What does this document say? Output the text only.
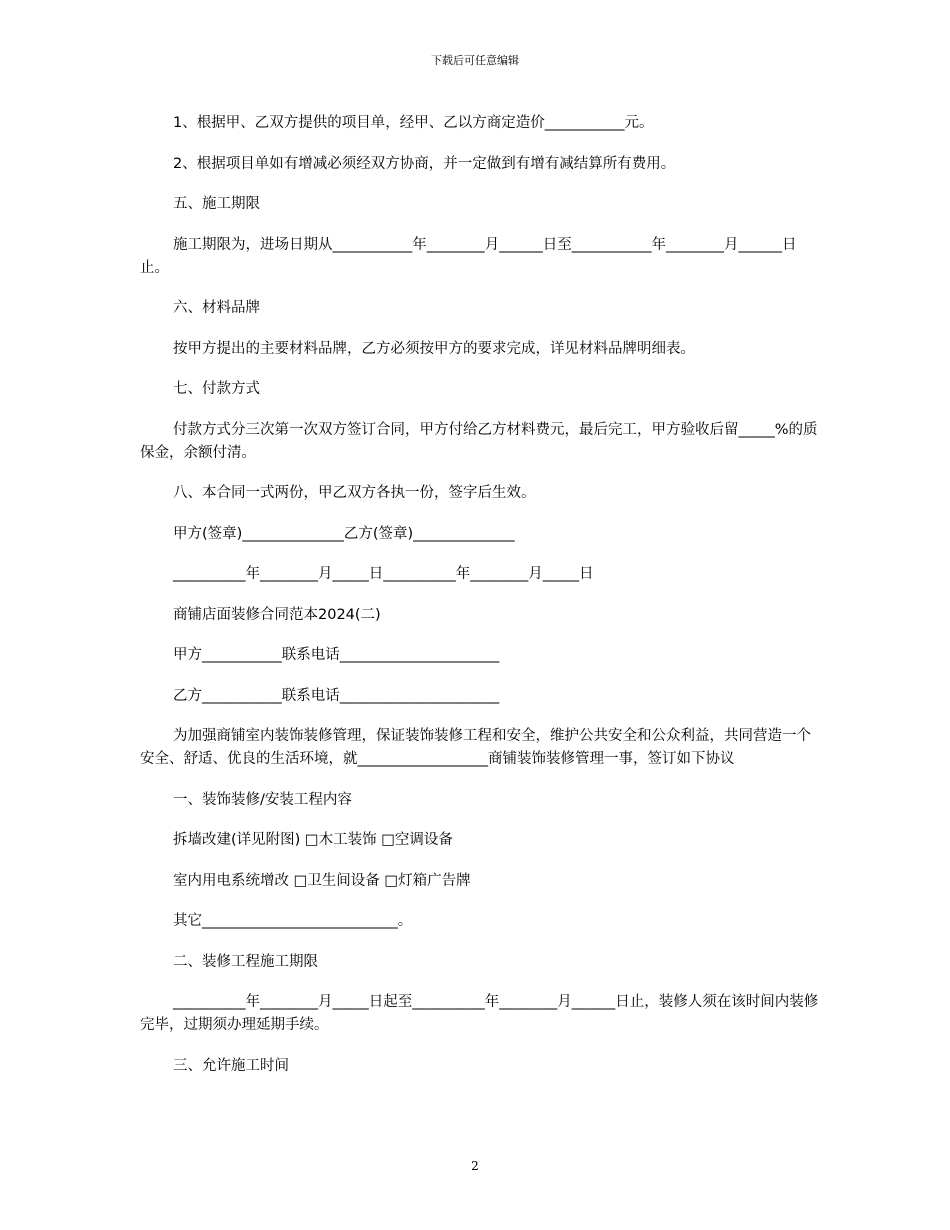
下载后可任意编辑

1、根据甲、乙双方提供的项目单，经甲、乙以方商定造价___________元。

2、根据项目单如有增减必须经双方协商，并一定做到有增有减结算所有费用。

五、施工期限

施工期限为，进场日期从___________年________月______日至___________年________月______日止。

六、材料品牌

按甲方提出的主要材料品牌，乙方必须按甲方的要求完成，详见材料品牌明细表。

七、付款方式

付款方式分三次第一次双方签订合同，甲方付给乙方材料费元，最后完工，甲方验收后留_____%的质保金，余额付清。

八、本合同一式两份，甲乙双方各执一份，签字后生效。

甲方(签章)______________乙方(签章)______________

__________年________月_____日__________年________月_____日

商铺店面装修合同范本2024(二)

甲方___________联系电话______________________

乙方___________联系电话______________________

为加强商铺室内装饰装修管理，保证装饰装修工程和安全，维护公共安全和公众利益，共同营造一个安全、舒适、优良的生活环境，就__________________商铺装饰装修管理一事，签订如下协议

一、装饰装修/安装工程内容

拆墙改建(详见附图) □木工装饰 □空调设备

室内用电系统增改 □卫生间设备 □灯箱广告牌

其它___________________________。

二、装修工程施工期限

__________年________月_____日起至__________年________月______日止，装修人须在该时间内装修完毕，过期须办理延期手续。

三、允许施工时间

2
